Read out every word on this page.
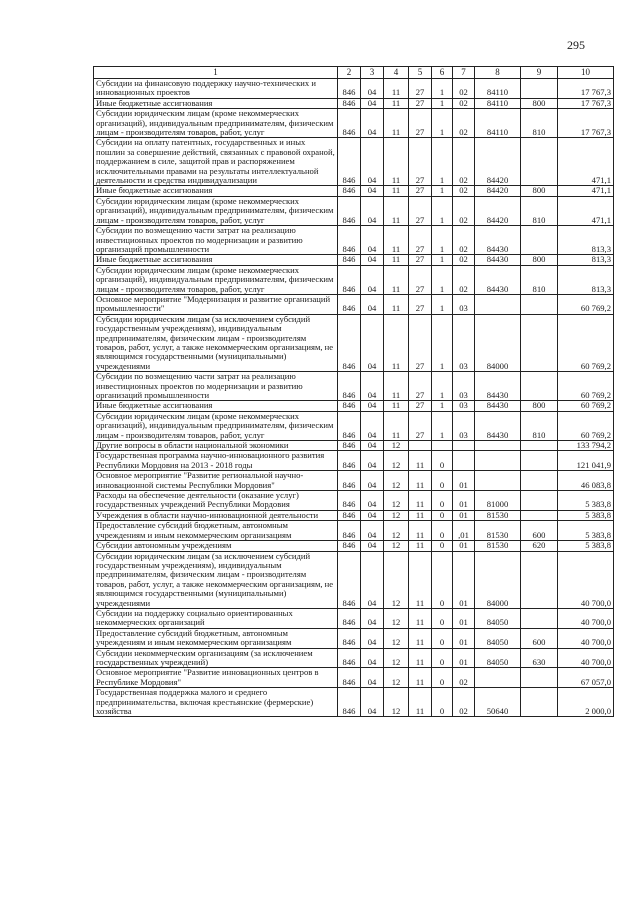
295
1	2	3	4	5	6	7	8	9	10
Субсидии на финансовую поддержку научно-технических и инновационных проектов	846	04	11	27	1	02	84110		17 767,3
Иные бюджетные ассигнования	846	04	11	27	1	02	84110	800	17 767,3
Субсидии юридическим лицам (кроме некоммерческих организаций), индивидуальным предпринимателям, физическим лицам - производителям товаров, работ, услуг	846	04	11	27	1	02	84110	810	17 767,3
Субсидии на оплату патентных, государственных и иных пошлин за совершение действий, связанных с правовой охраной, поддержанием в силе, защитой прав и распоряжением исключительными правами на результаты интеллектуальной деятельности и средства индивидуализации	846	04	11	27	1	02	84420		471,1
Иные бюджетные ассигнования	846	04	11	27	1	02	84420	800	471,1
Субсидии юридическим лицам (кроме некоммерческих организаций), индивидуальным предпринимателям, физическим лицам - производителям товаров, работ, услуг	846	04	11	27	1	02	84420	810	471,1
Субсидии по возмещению части затрат на реализацию инвестиционных проектов по модернизации и развитию организаций промышленности	846	04	11	27	1	02	84430		813,3
Иные бюджетные ассигнования	846	04	11	27	1	02	84430	800	813,3
Субсидии юридическим лицам (кроме некоммерческих организаций), индивидуальным предпринимателям, физическим лицам - производителям товаров, работ, услуг	846	04	11	27	1	02	84430	810	813,3
Основное мероприятие "Модернизация и развитие организаций промышленности"	846	04	11	27	1	03			60 769,2
Субсидии юридическим лицам (за исключением субсидий государственным учреждениям), индивидуальным предпринимателям, физическим лицам - производителям товаров, работ, услуг, а также некоммерческим организациям, не являющимся государственными (муниципальными) учреждениями	846	04	11	27	1	03	84000		60 769,2
Субсидии по возмещению части затрат на реализацию инвестиционных проектов по модернизации и развитию организаций промышленности	846	04	11	27	1	03	84430		60 769,2
Иные бюджетные ассигнования	846	04	11	27	1	03	84430	800	60 769,2
Субсидии юридическим лицам (кроме некоммерческих организаций), индивидуальным предпринимателям, физическим лицам - производителям товаров, работ, услуг	846	04	11	27	1	03	84430	810	60 769,2
Другие вопросы в области национальной экономики	846	04	12						133 794,2
Государственная программа научно-инновационного развития Республики Мордовия на 2013 - 2018 годы	846	04	12	11	0				121 041,9
Основное мероприятие "Развитие региональной научно-инновационной системы Республики Мордовия"	846	04	12	11	0	01			46 083,8
Расходы на обеспечение деятельности (оказание услуг) государственных учреждений Республики Мордовия	846	04	12	11	0	01	81000		5 383,8
Учреждения в области научно-инновационной деятельности	846	04	12	11	0	01	81530		5 383,8
Предоставление субсидий бюджетным, автономным учреждениям и иным некоммерческим организациям	846	04	12	11	0	,01	81530	600	5 383,8
Субсидии автономным учреждениям	846	04	12	11	0	01	81530	620	5 383,8
Субсидии юридическим лицам (за исключением субсидий государственным учреждениям), индивидуальным предпринимателям, физическим лицам - производителям товаров, работ, услуг, а также некоммерческим организациям, не являющимся государственными (муниципальными) учреждениями	846	04	12	11	0	01	84000		40 700,0
Субсидии на поддержку социально ориентированных некоммерческих организаций	846	04	12	11	0	01	84050		40 700,0
Предоставление субсидий бюджетным, автономным учреждениям и иным некоммерческим организациям	846	04	12	11	0	01	84050	600	40 700,0
Субсидии некоммерческим организациям (за исключением государственных учреждений)	846	04	12	11	0	01	84050	630	40 700,0
Основное мероприятие "Развитие инновационных центров в Республике Мордовия"	846	04	12	11	0	02			67 057,0
Государственная поддержка малого и среднего предпринимательства, включая крестьянские (фермерские) хозяйства	846	04	12	11	0	02	50640		2 000,0
